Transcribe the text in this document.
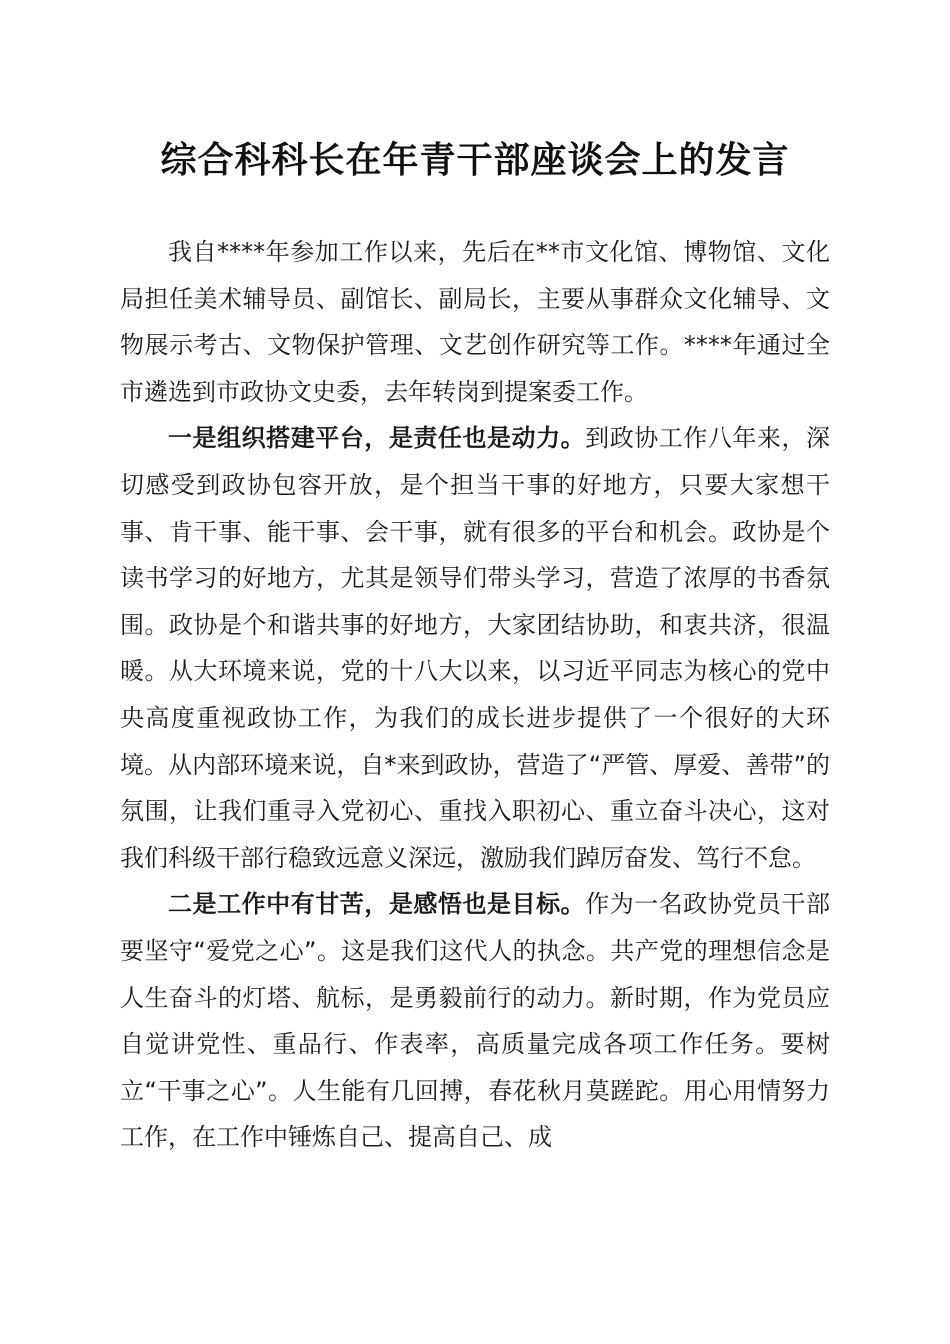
综合科科长在年青干部座谈会上的发言

我自****年参加工作以来，先后在**市文化馆、博物馆、文化局担任美术辅导员、副馆长、副局长，主要从事群众文化辅导、文物展示考古、文物保护管理、文艺创作研究等工作。****年通过全市遴选到市政协文史委，去年转岗到提案委工作。

一是组织搭建平台，是责任也是动力。到政协工作八年来，深切感受到政协包容开放，是个担当干事的好地方，只要大家想干事、肯干事、能干事、会干事，就有很多的平台和机会。政协是个读书学习的好地方，尤其是领导们带头学习，营造了浓厚的书香氛围。政协是个和谐共事的好地方，大家团结协助，和衷共济，很温暖。从大环境来说，党的十八大以来，以习近平同志为核心的党中央高度重视政协工作，为我们的成长进步提供了一个很好的大环境。从内部环境来说，自*来到政协，营造了“严管、厚爱、善带”的氛围，让我们重寻入党初心、重找入职初心、重立奋斗决心，这对我们科级干部行稳致远意义深远，激励我们踔厉奋发、笃行不怠。

二是工作中有甘苦，是感悟也是目标。作为一名政协党员干部要坚守“爱党之心”。这是我们这代人的执念。共产党的理想信念是人生奋斗的灯塔、航标，是勇毅前行的动力。新时期，作为党员应自觉讲党性、重品行、作表率，高质量完成各项工作任务。要树立“干事之心”。人生能有几回搏，春花秋月莫蹉跎。用心用情努力工作，在工作中锤炼自己、提高自己、成
